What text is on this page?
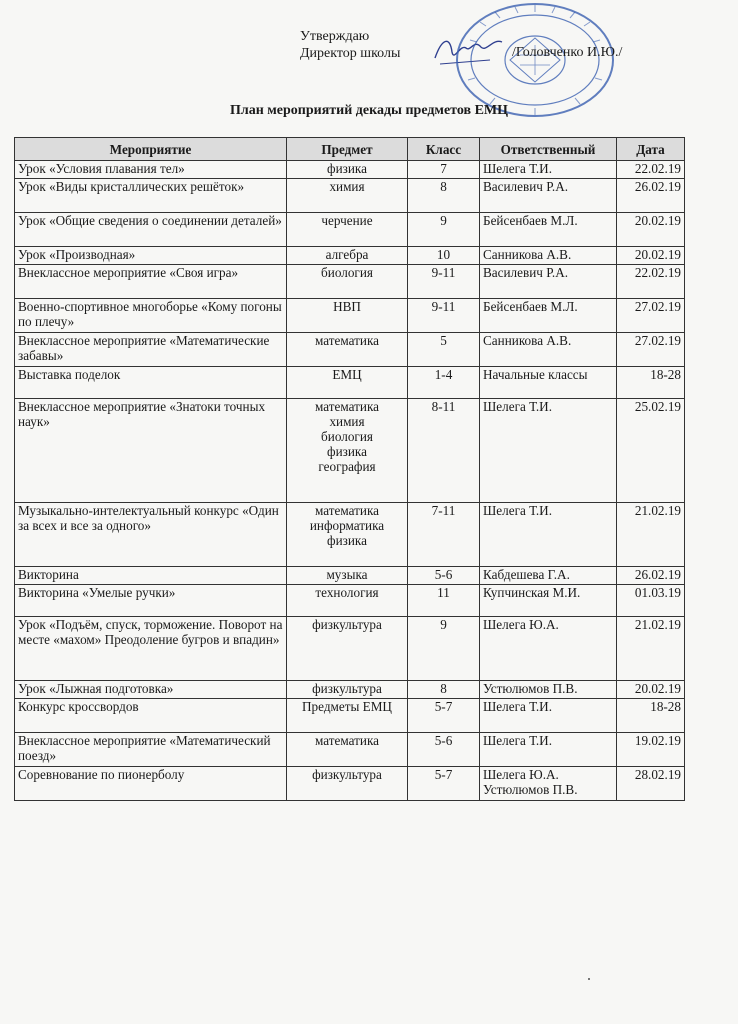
Утверждаю
Директор школы	/Головченко И.Ю./
План мероприятий декады предметов ЕМЦ
Мероприятие	Предмет	Класс	Ответственный	Дата
Урок «Условия плавания тел»	физика	7	Шелега Т.И.	22.02.19
Урок «Виды кристаллических решёток»	химия	8	Василевич Р.А.	26.02.19
Урок «Общие сведения о соединении деталей»	черчение	9	Бейсенбаев М.Л.	20.02.19
Урок «Производная»	алгебра	10	Санникова А.В.	20.02.19
Внеклассное мероприятие «Своя игра»	биология	9-11	Василевич Р.А.	22.02.19
Военно-спортивное многоборье «Кому погоны по плечу»	НВП	9-11	Бейсенбаев М.Л.	27.02.19
Внеклассное мероприятие «Математические забавы»	математика	5	Санникова А.В.	27.02.19
Выставка поделок	ЕМЦ	1-4	Начальные классы	18-28
Внеклассное мероприятие «Знатоки точных наук»	математика
химия
биология
физика
география	8-11	Шелега Т.И.	25.02.19
Музыкально-интелектуальный конкурс «Один за всех и все за одного»	математика
информатика
физика	7-11	Шелега Т.И.	21.02.19
Викторина	музыка	5-6	Кабдешева Г.А.	26.02.19
Викторина «Умелые ручки»	технология	11	Купчинская М.И.	01.03.19
Урок «Подъём, спуск, торможение. Поворот на месте «махом» Преодоление бугров и впадин»	физкультура	9	Шелега Ю.А.	21.02.19
Урок «Лыжная подготовка»	физкультура	8	Устюлюмов П.В.	20.02.19
Конкурс кроссвордов	Предметы ЕМЦ	5-7	Шелега Т.И.	18-28
Внеклассное мероприятие «Математический поезд»	математика	5-6	Шелега Т.И.	19.02.19
Соревнование по пионерболу	физкультура	5-7	Шелега Ю.А. Устюлюмов П.В.	28.02.19
